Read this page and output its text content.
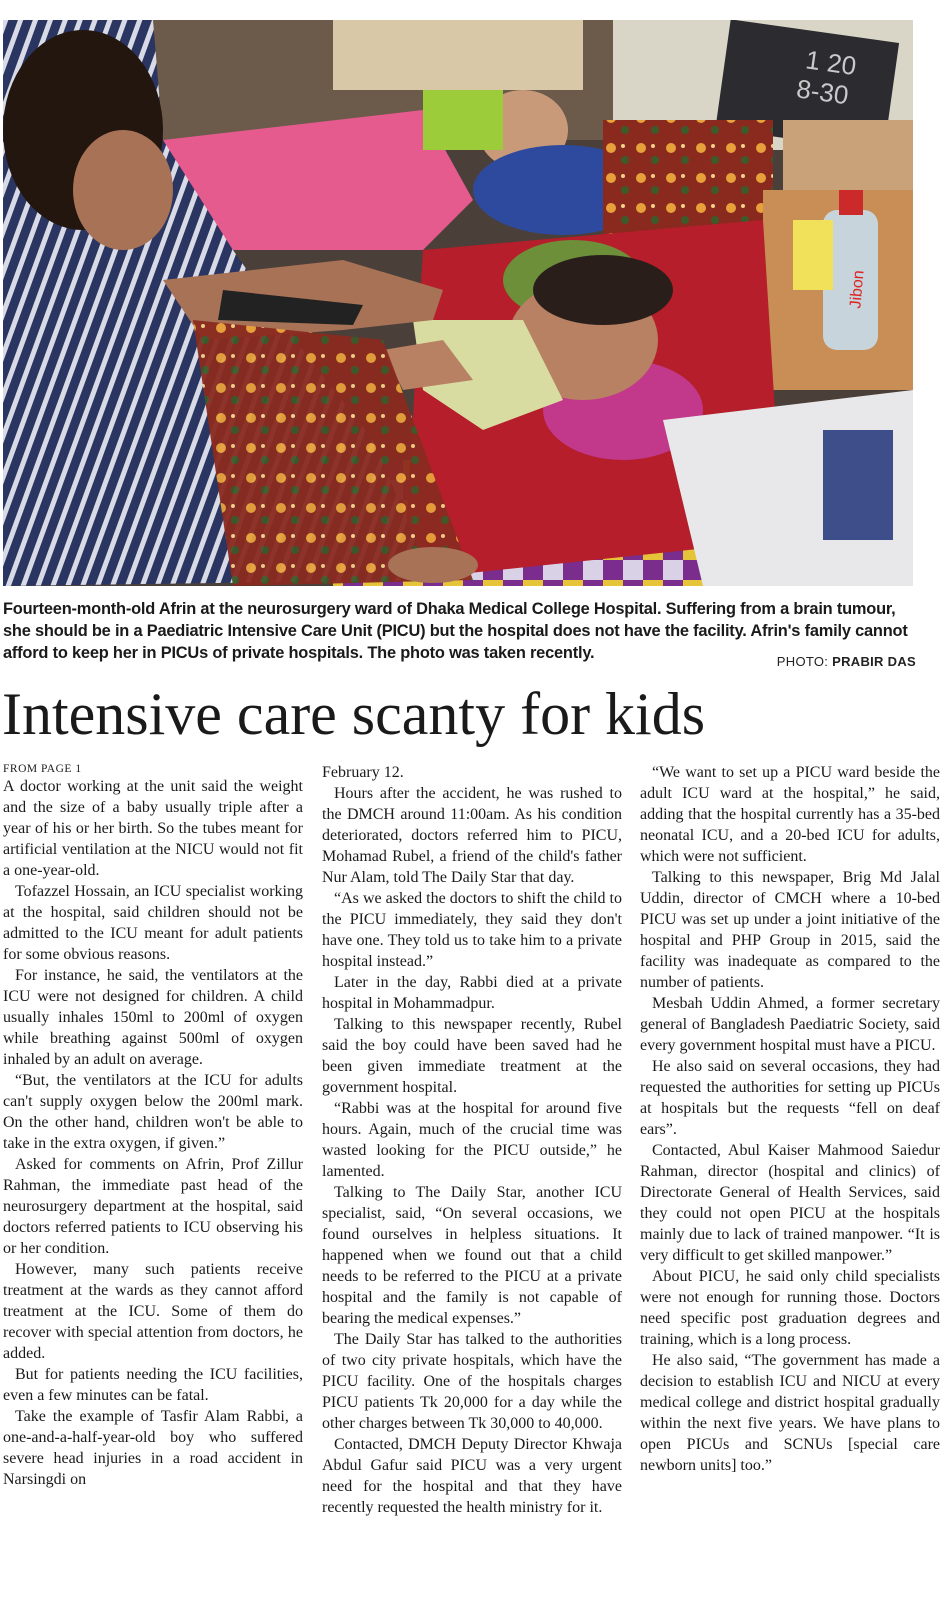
1 20
8-30
Jibon
Fourteen-month-old Afrin at the neurosurgery ward of Dhaka Medical College Hospital. Suffering from a brain tumour, she should be in a Paediatric Intensive Care Unit (PICU) but the hospital does not have the facility. Afrin's family cannot afford to keep her in PICUs of private hospitals. The photo was taken recently.	PHOTO: PRABIR DAS
Intensive care scanty for kids
FROM PAGE 1

A doctor working at the unit said the weight and the size of a baby usually triple after a year of his or her birth. So the tubes meant for artificial ventilation at the NICU would not fit a one-year-old.

Tofazzel Hossain, an ICU specialist working at the hospital, said children should not be admitted to the ICU meant for adult patients for some obvious reasons.

For instance, he said, the ventilators at the ICU were not designed for children. A child usually inhales 150ml to 200ml of oxygen while breathing against 500ml of oxygen inhaled by an adult on average.

“But, the ventilators at the ICU for adults can't supply oxygen below the 200ml mark. On the other hand, children won't be able to take in the extra oxygen, if given.”

Asked for comments on Afrin, Prof Zillur Rahman, the immediate past head of the neurosurgery department at the hospital, said doctors referred patients to ICU observing his or her condition.

However, many such patients receive treatment at the wards as they cannot afford treatment at the ICU. Some of them do recover with special attention from doctors, he added.

But for patients needing the ICU facilities, even a few minutes can be fatal.

Take the example of Tasfir Alam Rabbi, a one-and-a-half-year-old boy who suffered severe head injuries in a road accident in Narsingdi on

February 12.

Hours after the accident, he was rushed to the DMCH around 11:00am. As his condition deteriorated, doctors referred him to PICU, Mohamad Rubel, a friend of the child's father Nur Alam, told The Daily Star that day.

“As we asked the doctors to shift the child to the PICU immediately, they said they don't have one. They told us to take him to a private hospital instead.”

Later in the day, Rabbi died at a private hospital in Mohammadpur.

Talking to this newspaper recently, Rubel said the boy could have been saved had he been given immediate treatment at the government hospital.

“Rabbi was at the hospital for around five hours. Again, much of the crucial time was wasted looking for the PICU outside,” he lamented.

Talking to The Daily Star, another ICU specialist, said, “On several occasions, we found ourselves in helpless situations. It happened when we found out that a child needs to be referred to the PICU at a private hospital and the family is not capable of bearing the medical expenses.”

The Daily Star has talked to the authorities of two city private hospitals, which have the PICU facility. One of the hospitals charges PICU patients Tk 20,000 for a day while the other charges between Tk 30,000 to 40,000.

Contacted, DMCH Deputy Director Khwaja Abdul Gafur said PICU was a very urgent need for the hospital and that they have recently requested the health ministry for it.

“We want to set up a PICU ward beside the adult ICU ward at the hospital,” he said, adding that the hospital currently has a 35-bed neonatal ICU, and a 20-bed ICU for adults, which were not sufficient.

Talking to this newspaper, Brig Md Jalal Uddin, director of CMCH where a 10-bed PICU was set up under a joint initiative of the hospital and PHP Group in 2015, said the facility was inadequate as compared to the number of patients.

Mesbah Uddin Ahmed, a former secretary general of Bangladesh Paediatric Society, said every government hospital must have a PICU.

He also said on several occasions, they had requested the authorities for setting up PICUs at hospitals but the requests “fell on deaf ears”.

Contacted, Abul Kaiser Mahmood Saiedur Rahman, director (hospital and clinics) of Directorate General of Health Services, said they could not open PICU at the hospitals mainly due to lack of trained manpower. “It is very difficult to get skilled manpower.”

About PICU, he said only child specialists were not enough for running those. Doctors need specific post graduation degrees and training, which is a long process.

He also said, “The government has made a decision to establish ICU and NICU at every medical college and district hospital gradually within the next five years. We have plans to open PICUs and SCNUs [special care newborn units] too.”
